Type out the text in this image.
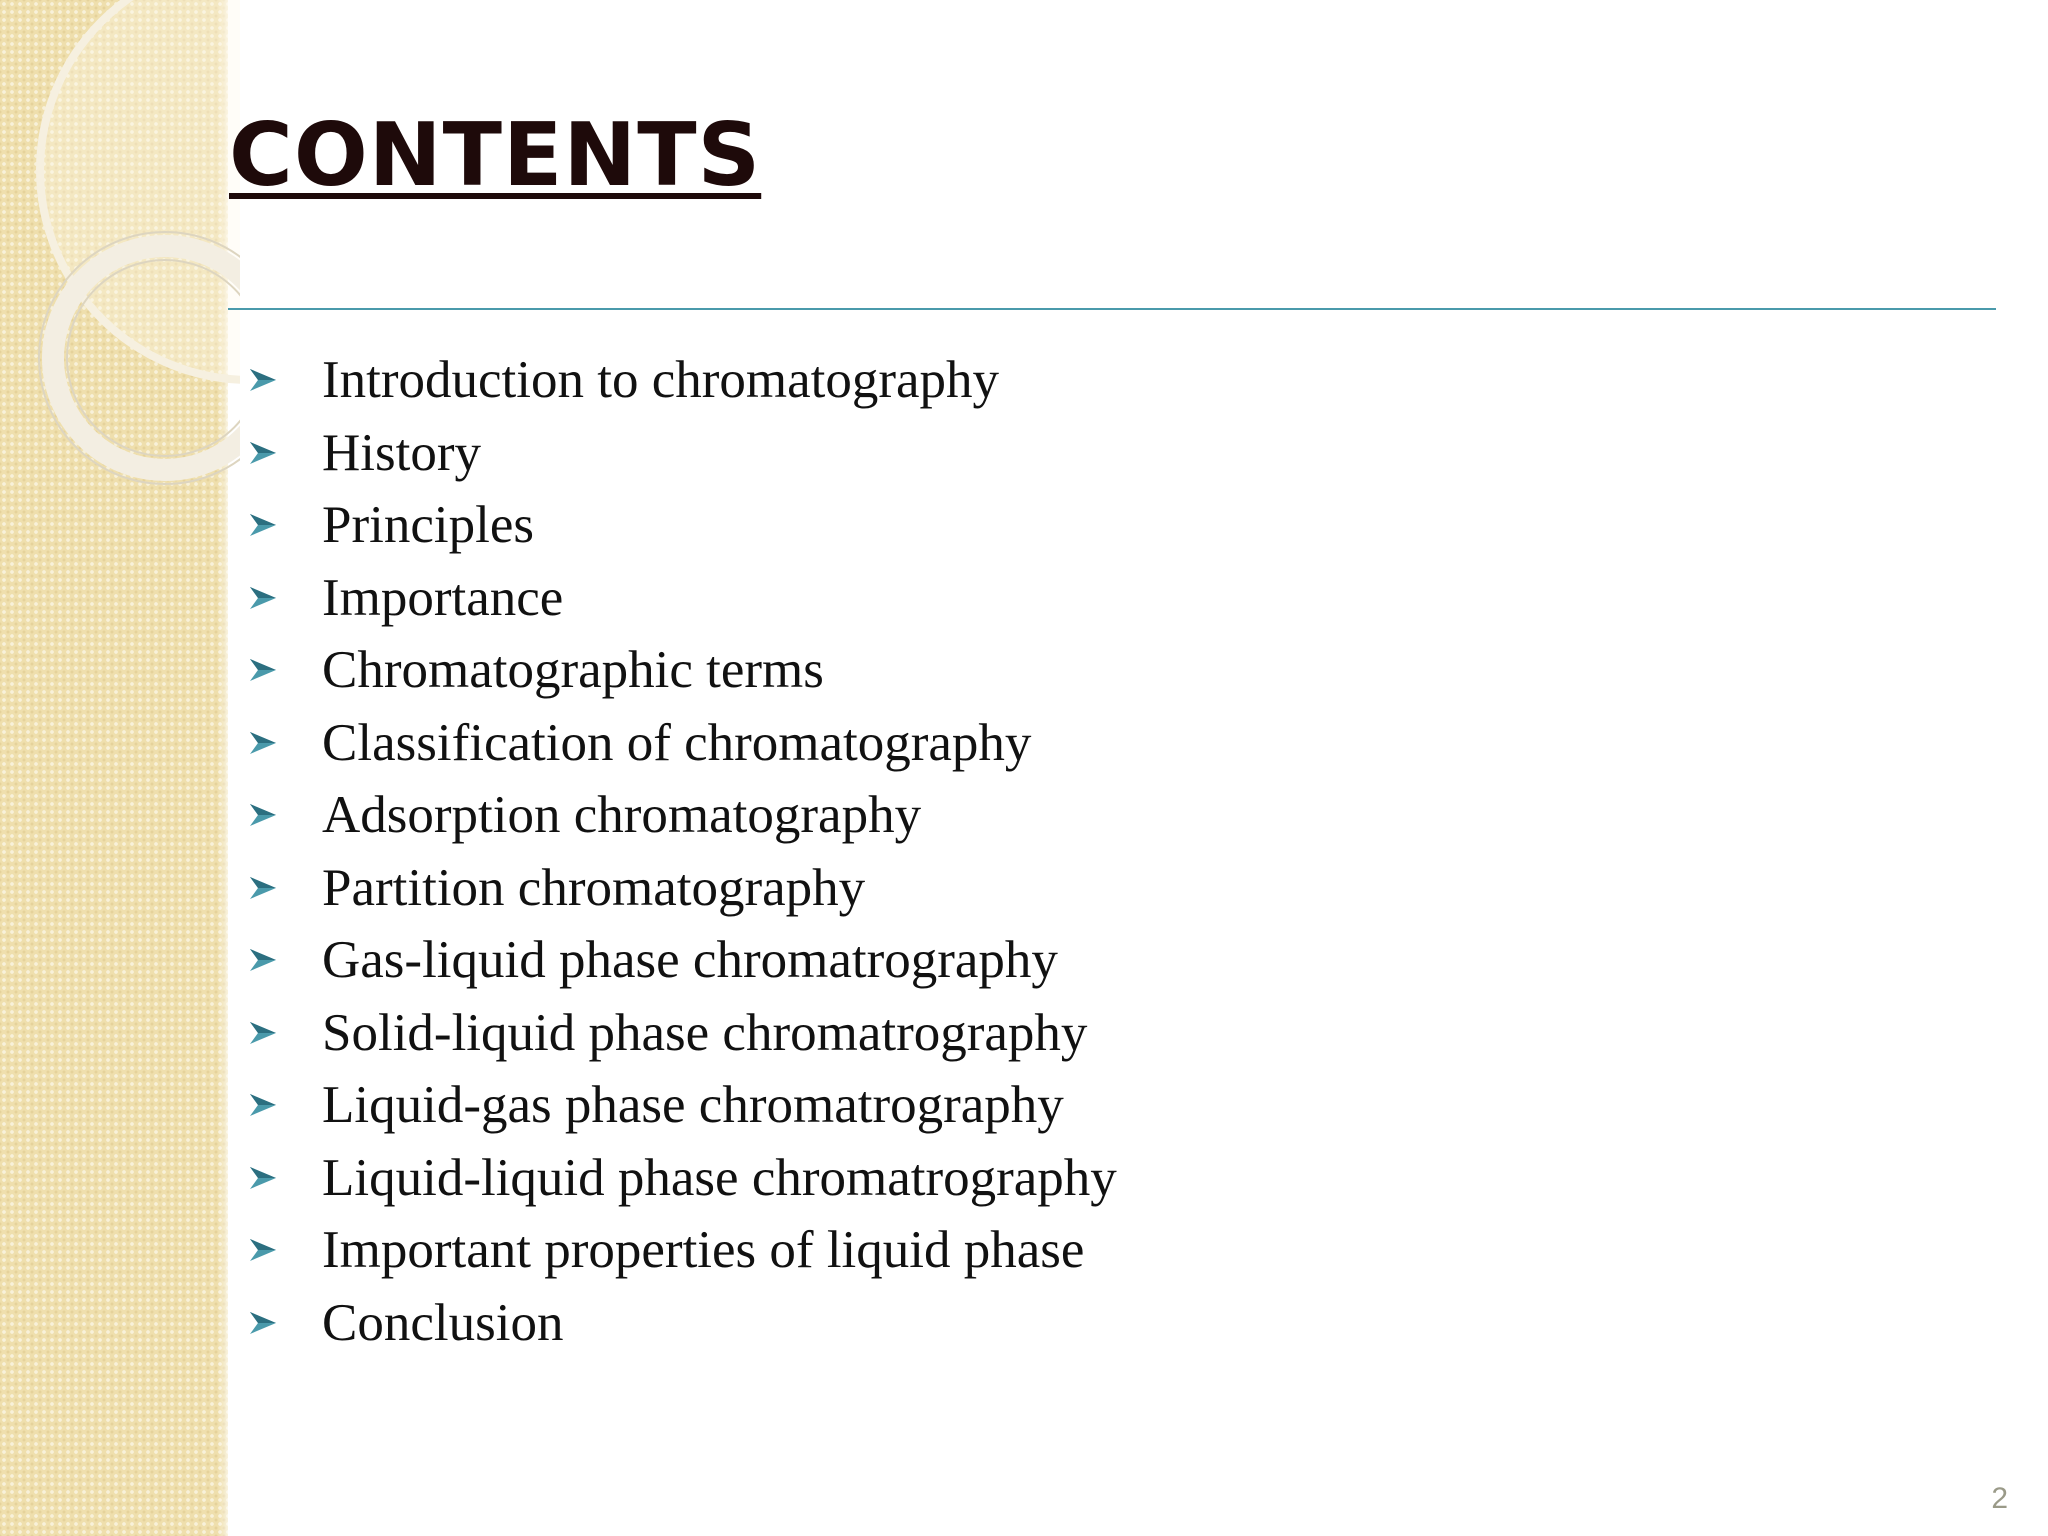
CONTENTS
Introduction to chromatography
History
Principles
Importance
Chromatographic terms
Classification of chromatography
Adsorption chromatography
Partition chromatography
Gas-liquid phase chromatrography
Solid-liquid phase chromatrography
Liquid-gas phase chromatrography
Liquid-liquid phase chromatrography
Important properties of liquid phase
Conclusion
2
